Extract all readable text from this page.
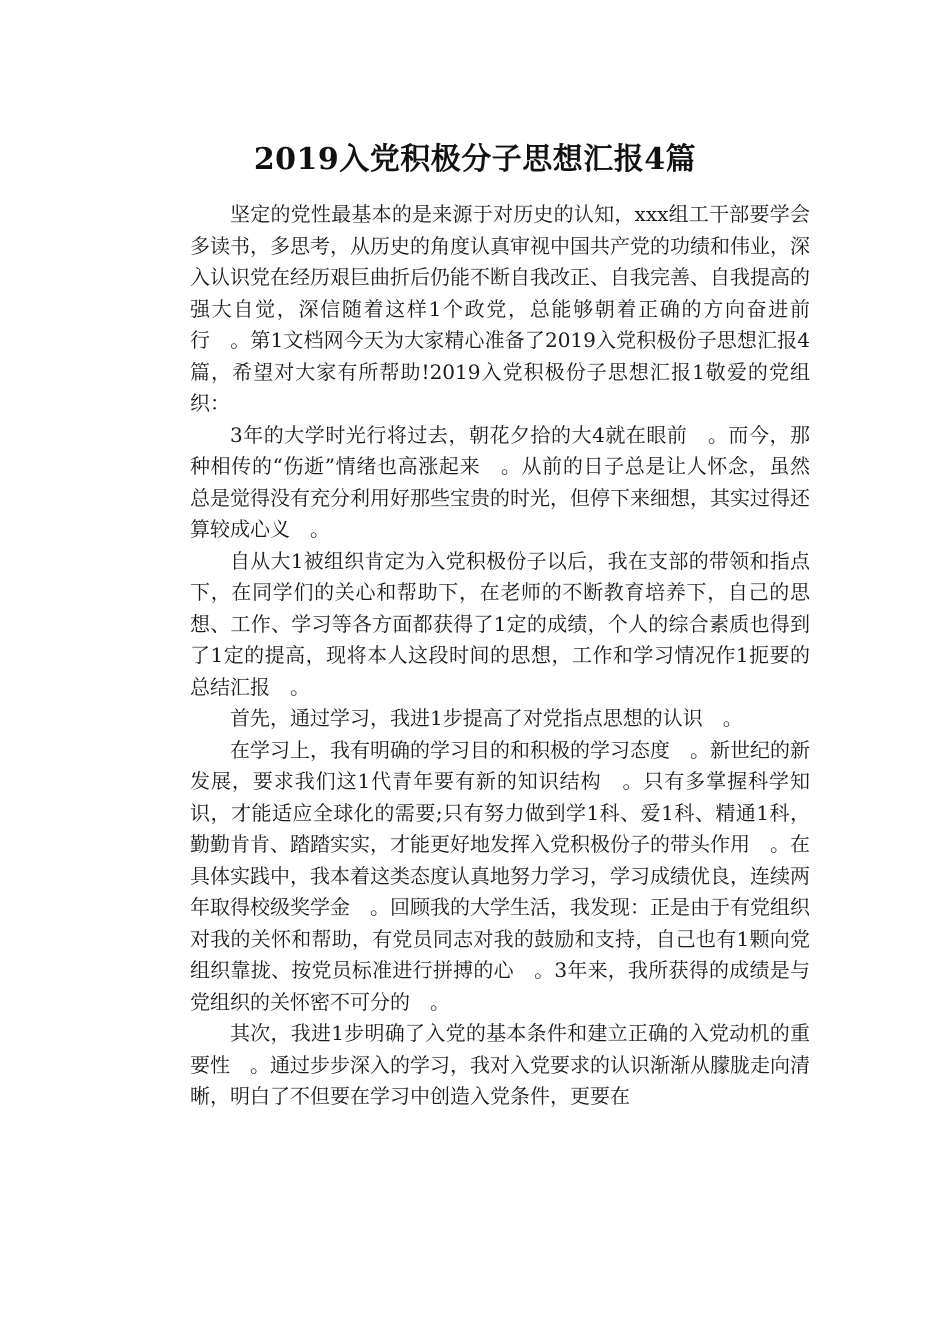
2019入党积极分子思想汇报4篇

坚定的党性最基本的是来源于对历史的认知，xxx组工干部要学会多读书，多思考，从历史的角度认真审视中国共产党的功绩和伟业，深入认识党在经历艰巨曲折后仍能不断自我改正、自我完善、自我提高的强大自觉，深信随着这样1个政党，总能够朝着正确的方向奋进前行　。第1文档网今天为大家精心准备了2019入党积极份子思想汇报4篇，希望对大家有所帮助!2019入党积极份子思想汇报1敬爱的党组织：

3年的大学时光行将过去，朝花夕拾的大4就在眼前　。而今，那种相传的“伤逝”情绪也高涨起来　。从前的日子总是让人怀念，虽然总是觉得没有充分利用好那些宝贵的时光，但停下来细想，其实过得还算较成心义　。

自从大1被组织肯定为入党积极份子以后，我在支部的带领和指点下，在同学们的关心和帮助下，在老师的不断教育培养下，自己的思想、工作、学习等各方面都获得了1定的成绩，个人的综合素质也得到了1定的提高，现将本人这段时间的思想，工作和学习情况作1扼要的总结汇报　。

首先，通过学习，我进1步提高了对党指点思想的认识　。

在学习上，我有明确的学习目的和积极的学习态度　。新世纪的新发展，要求我们这1代青年要有新的知识结构　。只有多掌握科学知识，才能适应全球化的需要;只有努力做到学1科、爱1科、精通1科，勤勤肯肯、踏踏实实，才能更好地发挥入党积极份子的带头作用　。在具体实践中，我本着这类态度认真地努力学习，学习成绩优良，连续两年取得校级奖学金　。回顾我的大学生活，我发现：正是由于有党组织对我的关怀和帮助，有党员同志对我的鼓励和支持，自己也有1颗向党组织靠拢、按党员标准进行拼搏的心　。3年来，我所获得的成绩是与党组织的关怀密不可分的　。

其次，我进1步明确了入党的基本条件和建立正确的入党动机的重要性　。通过步步深入的学习，我对入党要求的认识渐渐从朦胧走向清晰，明白了不但要在学习中创造入党条件，更要在
